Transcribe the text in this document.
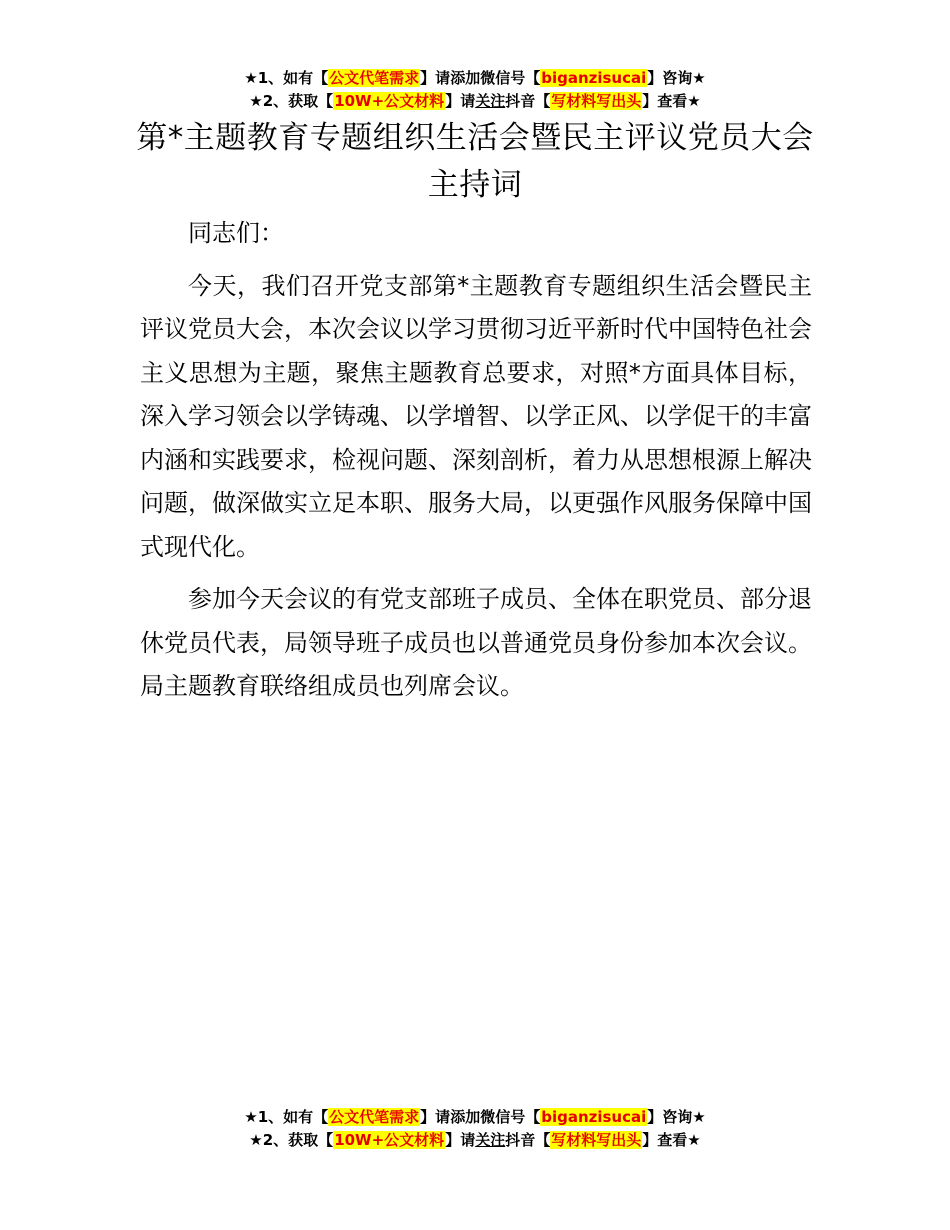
★1、如有【公文代笔需求】请添加微信号【biganzisucai】咨询★
★2、获取【10W+公文材料】请关注抖音【写材料写出头】查看★
第*主题教育专题组织生活会暨民主评议党员大会主持词

同志们：

今天，我们召开党支部第*主题教育专题组织生活会暨民主评议党员大会，本次会议以学习贯彻习近平新时代中国特色社会主义思想为主题，聚焦主题教育总要求，对照*方面具体目标，深入学习领会以学铸魂、以学增智、以学正风、以学促干的丰富内涵和实践要求，检视问题、深刻剖析，着力从思想根源上解决问题，做深做实立足本职、服务大局，以更强作风服务保障中国式现代化。

参加今天会议的有党支部班子成员、全体在职党员、部分退休党员代表，局领导班子成员也以普通党员身份参加本次会议。局主题教育联络组成员也列席会议。

★1、如有【公文代笔需求】请添加微信号【biganzisucai】咨询★
★2、获取【10W+公文材料】请关注抖音【写材料写出头】查看★
